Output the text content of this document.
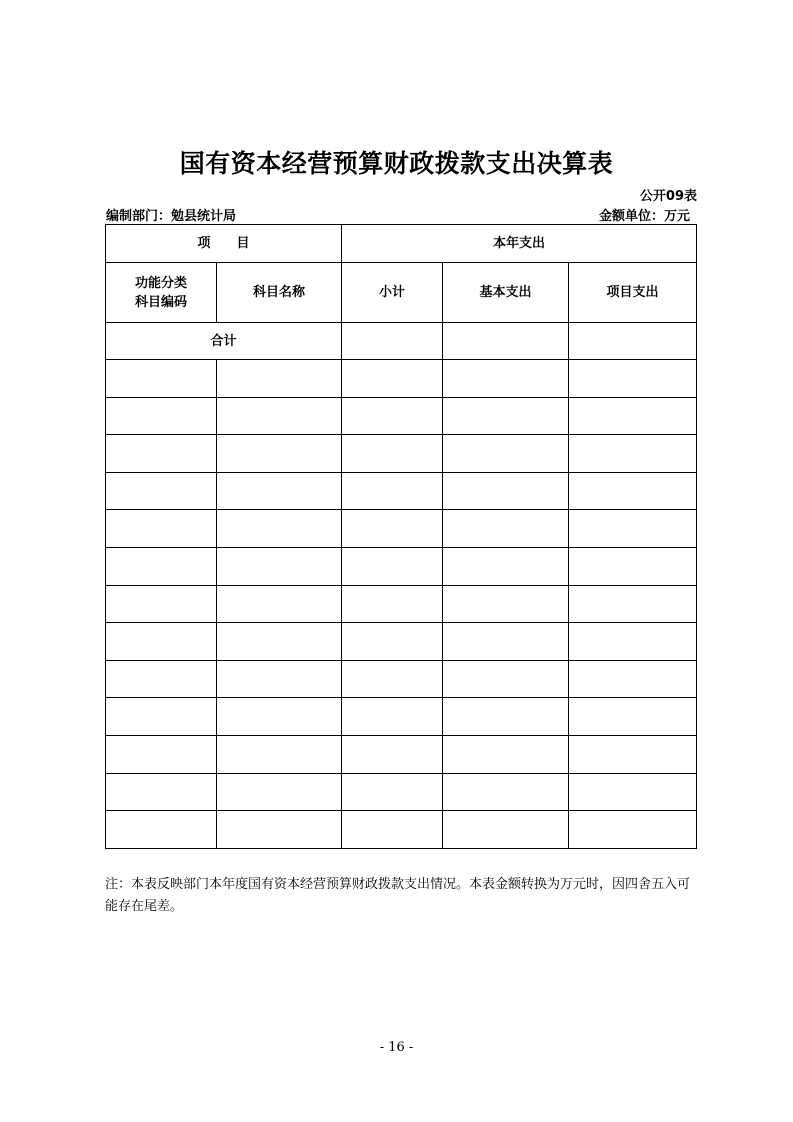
国有资本经营预算财政拨款支出决算表
公开09表
编制部门：勉县统计局	金额单位：万元
项目		本年支出		
功能分类
科目编码	科目名称	小计	基本支出	项目支出
合计				

注：本表反映部门本年度国有资本经营预算财政拨款支出情况。本表金额转换为万元时，因四舍五入可能存在尾差。
- 16 -
